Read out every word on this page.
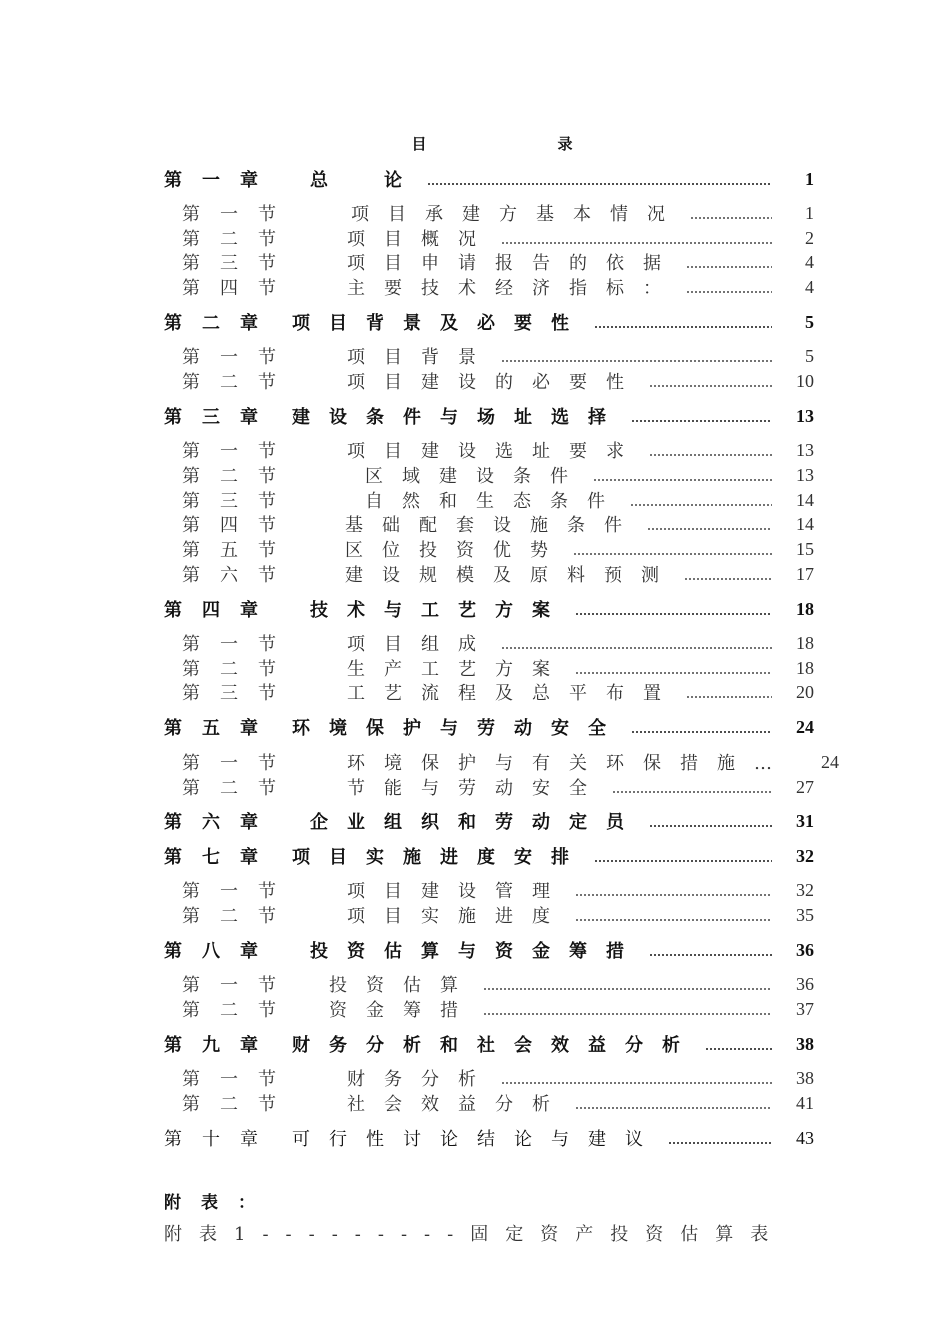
目　录
第一章	总　论	1
第一节	项目承建方基本情况	1
第二节	项目概况	2
第三节	项目申请报告的依据	4
第四节	主要技术经济指标：	4
第二章 项目背景及必要性	5
第一节	项目背景	5
第二节	项目建设的必要性	10
第三章 建设条件与场址选择	13
第一节	项目建设选址要求	13
第二节	区域建设条件	13
第三节	自然和生态条件	14
第四节	基础配套设施条件	14
第五节	区位投资优势	15
第六节	建设规模及原料预测	17
第四章	技术与工艺方案	18
第一节	项目组成	18
第二节	生产工艺方案	18
第三节	工艺流程及总平布置	20
第五章 环境保护与劳动安全	24
第一节	环境保护与有关环保措施… 24
第二节	节能与劳动安全	27
第六章	企业组织和劳动定员	31
第七章 项目实施进度安排	32
第一节	项目建设管理	32
第二节	项目实施进度	35
第八章	投资估算与资金筹措	36
第一节	投资估算	36
第二节	资金筹措	37
第九章 财务分析和社会效益分析	38
第一节	财务分析	38
第二节	社会效益分析	41
第十章 可行性讨论结论与建议	43
附表：
附表1---------固定资产投资估算表
